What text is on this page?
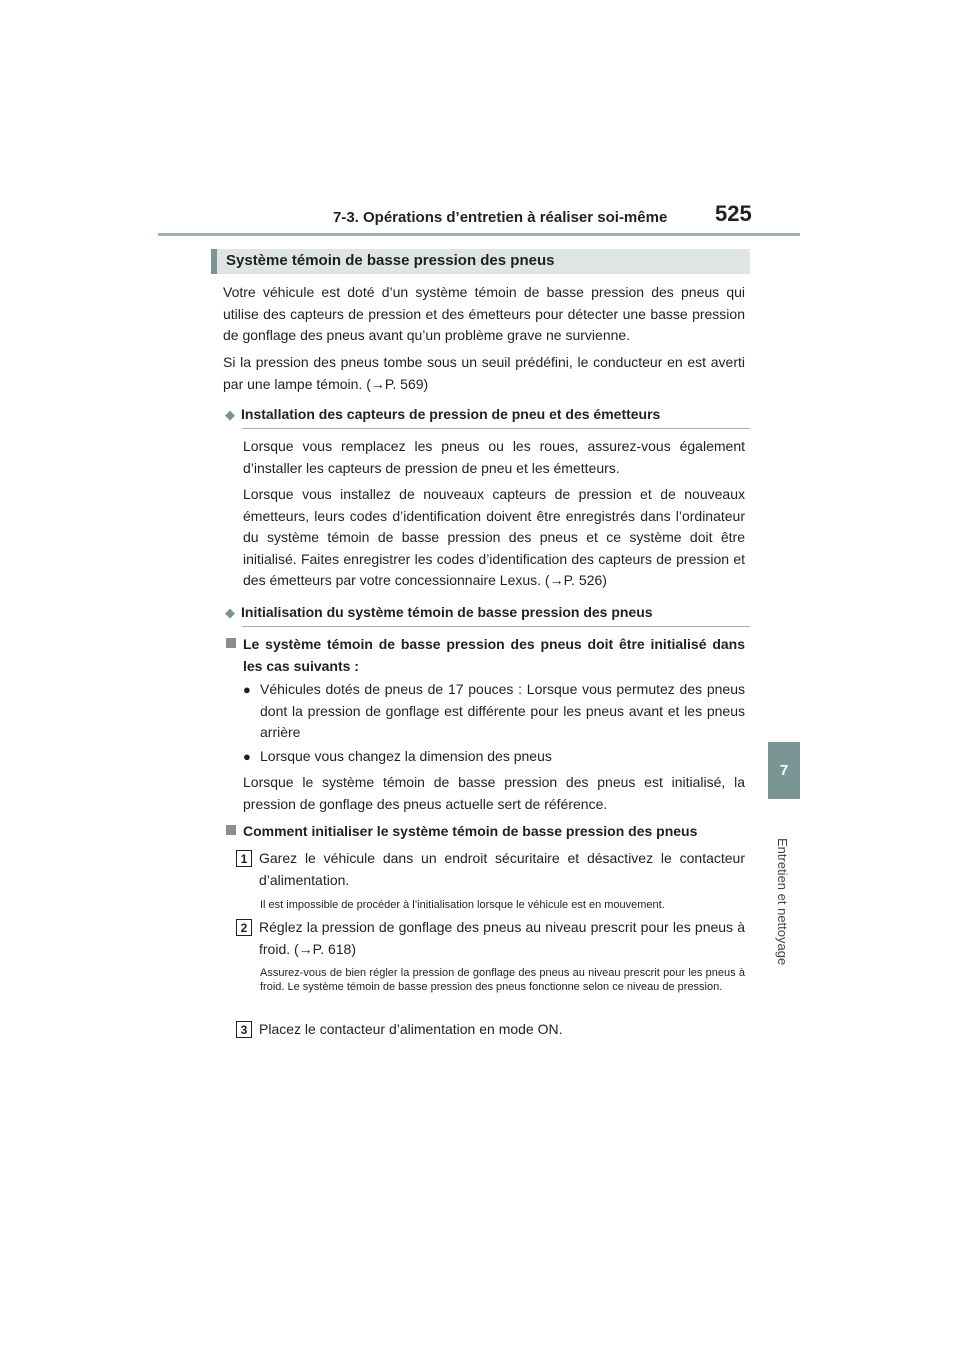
7-3. Opérations d’entretien à réaliser soi-même 525
7
Entretien et nettoyage
Système témoin de basse pression des pneus
Votre véhicule est doté d’un système témoin de basse pression des pneus qui utilise des capteurs de pression et des émetteurs pour détecter une basse pression de gonflage des pneus avant qu’un problème grave ne survienne.
Si la pression des pneus tombe sous un seuil prédéfini, le conducteur en est averti par une lampe témoin. (→P. 569)
◆ Installation des capteurs de pression de pneu et des émetteurs
Lorsque vous remplacez les pneus ou les roues, assurez-vous également d’installer les capteurs de pression de pneu et les émetteurs.
Lorsque vous installez de nouveaux capteurs de pression et de nouveaux émetteurs, leurs codes d’identification doivent être enregistrés dans l’ordinateur du système témoin de basse pression des pneus et ce système doit être initialisé. Faites enregistrer les codes d’identification des capteurs de pression et des émetteurs par votre concessionnaire Lexus. (→P. 526)
◆ Initialisation du système témoin de basse pression des pneus
Le système témoin de basse pression des pneus doit être initialisé dans les cas suivants :
● Véhicules dotés de pneus de 17 pouces : Lorsque vous permutez des pneus dont la pression de gonflage est différente pour les pneus avant et les pneus arrière
● Lorsque vous changez la dimension des pneus
Lorsque le système témoin de basse pression des pneus est initialisé, la pression de gonflage des pneus actuelle sert de référence.
Comment initialiser le système témoin de basse pression des pneus
1 Garez le véhicule dans un endroit sécuritaire et désactivez le contacteur d’alimentation.
Il est impossible de procéder à l’initialisation lorsque le véhicule est en mouvement.
2 Réglez la pression de gonflage des pneus au niveau prescrit pour les pneus à froid. (→P. 618)
Assurez-vous de bien régler la pression de gonflage des pneus au niveau prescrit pour les pneus à froid. Le système témoin de basse pression des pneus fonctionne selon ce niveau de pression.
3 Placez le contacteur d’alimentation en mode ON.
